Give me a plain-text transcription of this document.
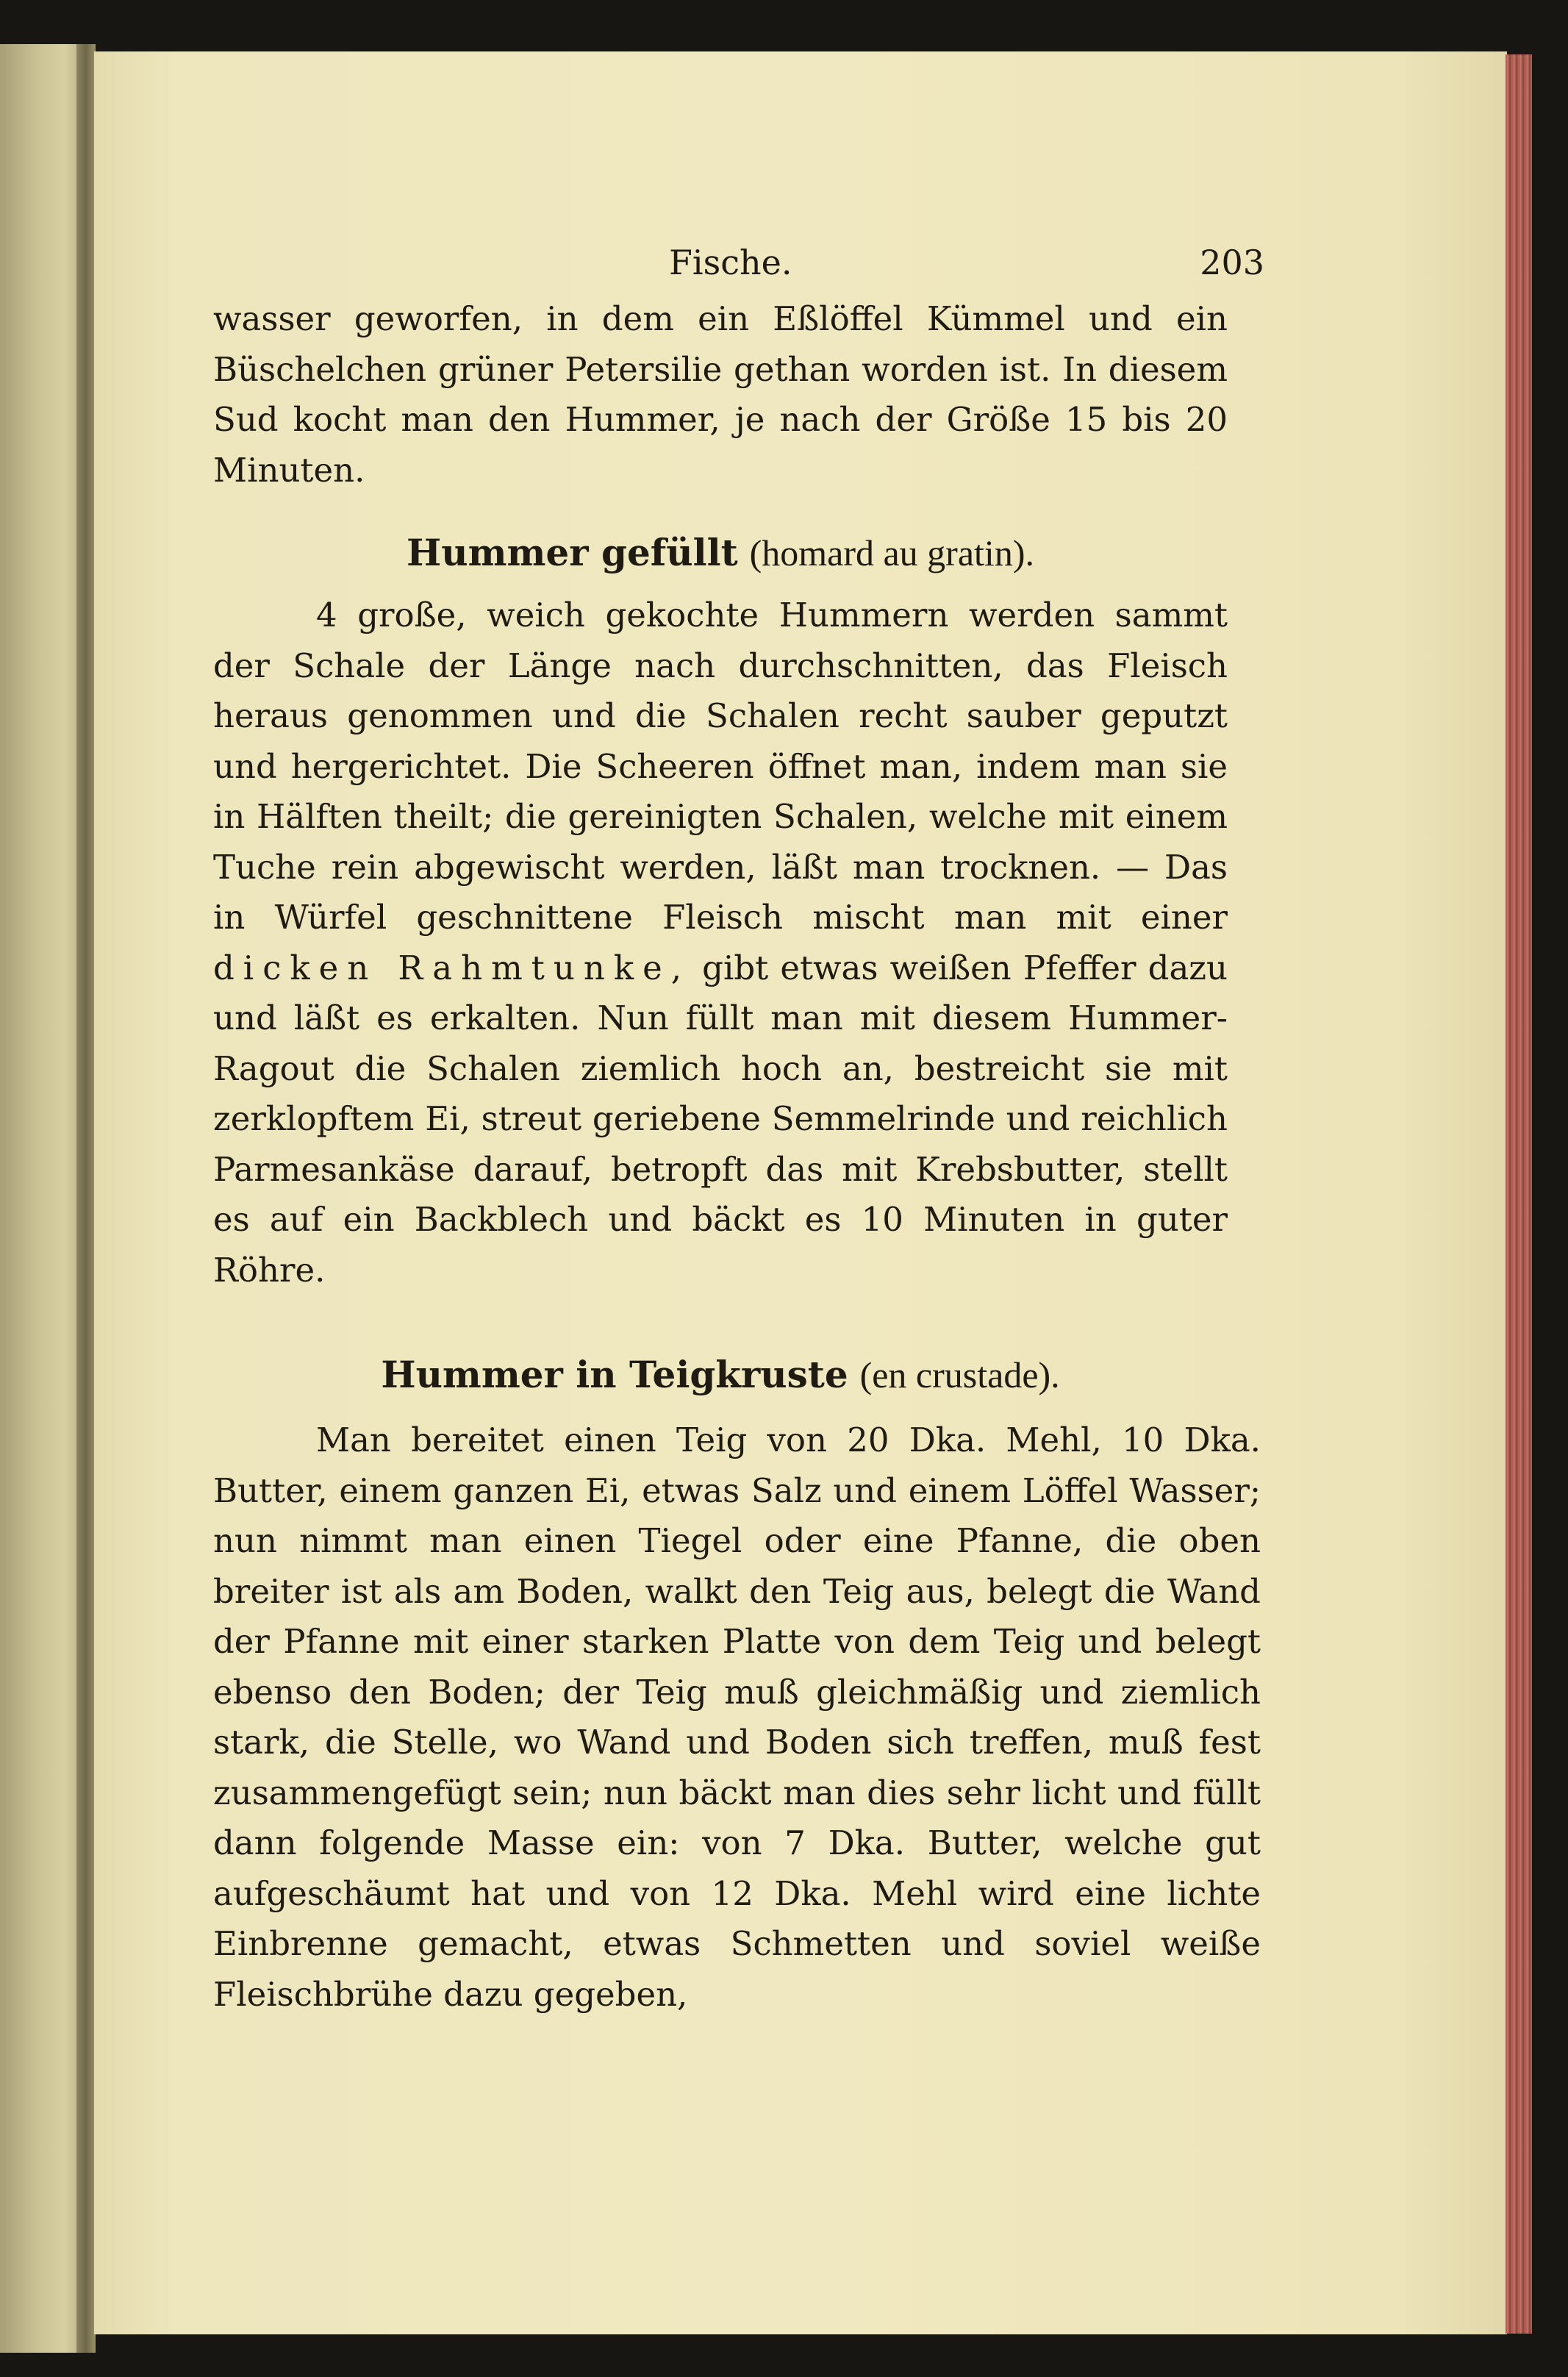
Fische.	203

wasser geworfen, in dem ein Eßlöffel Kümmel und ein Büschelchen grüner Petersilie gethan worden ist. In diesem Sud kocht man den Hummer, je nach der Größe 15 bis 20 Minuten.

Hummer gefüllt (homard au gratin).

4 große, weich gekochte Hummern werden sammt der Schale der Länge nach durchschnitten, das Fleisch heraus genommen und die Schalen recht sauber geputzt und hergerichtet. Die Scheeren öffnet man, indem man sie in Hälften theilt; die gereinigten Schalen, welche mit einem Tuche rein abgewischt werden, läßt man trocknen. — Das in Würfel geschnittene Fleisch mischt man mit einer dicken Rahmtunke, gibt etwas weißen Pfeffer dazu und läßt es erkalten. Nun füllt man mit diesem Hummer-Ragout die Schalen ziemlich hoch an, bestreicht sie mit zerklopftem Ei, streut geriebene Semmelrinde und reichlich Parmesankäse darauf, betropft das mit Krebsbutter, stellt es auf ein Backblech und bäckt es 10 Minuten in guter Röhre.

Hummer in Teigkruste (en crustade).

Man bereitet einen Teig von 20 Dka. Mehl, 10 Dka. Butter, einem ganzen Ei, etwas Salz und einem Löffel Wasser; nun nimmt man einen Tiegel oder eine Pfanne, die oben breiter ist als am Boden, walkt den Teig aus, belegt die Wand der Pfanne mit einer starken Platte von dem Teig und belegt ebenso den Boden; der Teig muß gleichmäßig und ziemlich stark, die Stelle, wo Wand und Boden sich treffen, muß fest zusammengefügt sein; nun bäckt man dies sehr licht und füllt dann folgende Masse ein: von 7 Dka. Butter, welche gut aufgeschäumt hat und von 12 Dka. Mehl wird eine lichte Einbrenne gemacht, etwas Schmetten und soviel weiße Fleischbrühe dazu gegeben,
